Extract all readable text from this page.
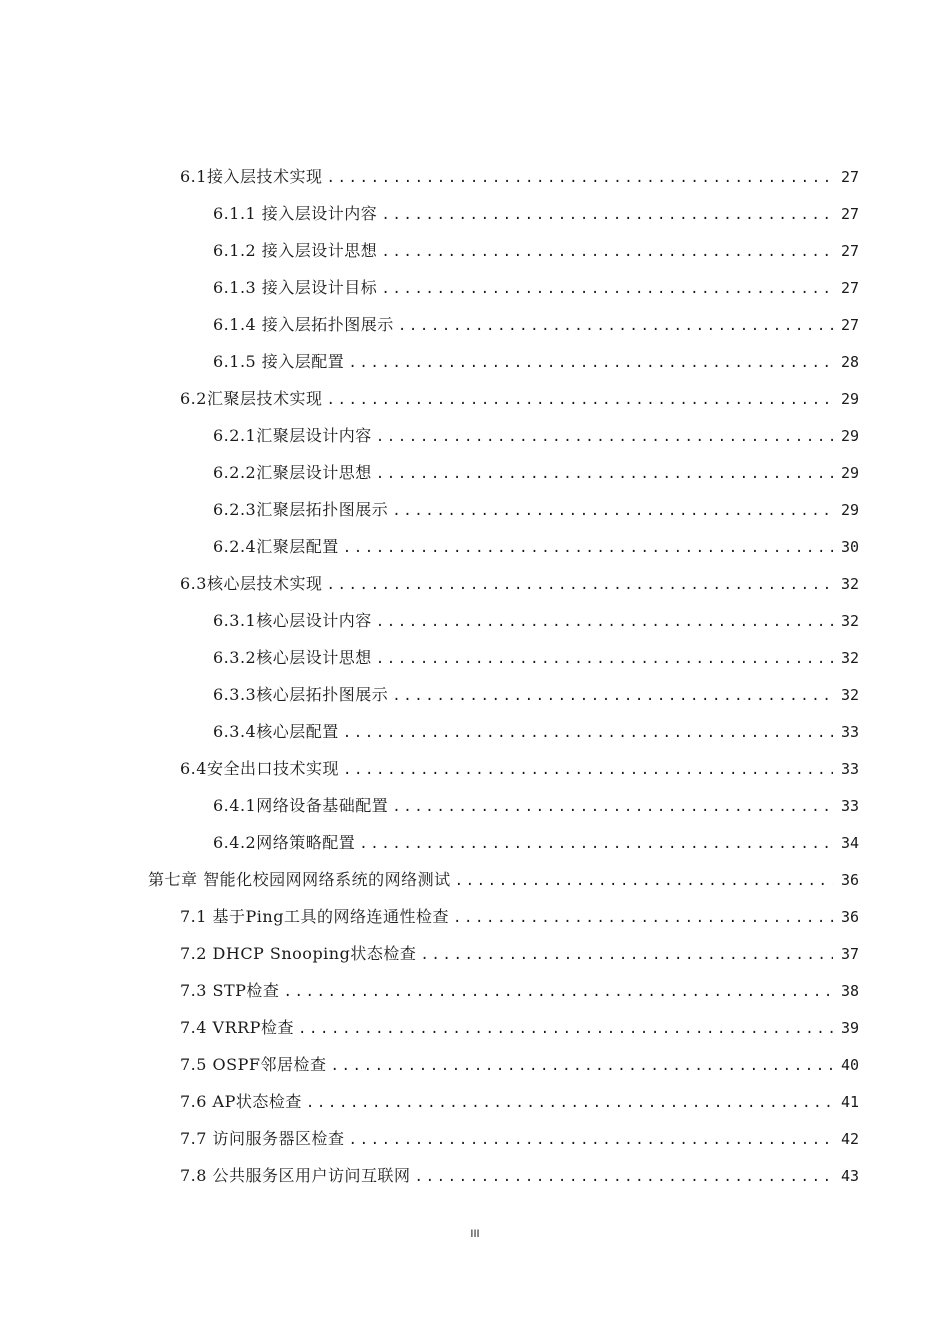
6.1接入层技术实现 .....	27
6.1.1 接入层设计内容 .....	27
6.1.2 接入层设计思想 .....	27
6.1.3 接入层设计目标 .....	27
6.1.4 接入层拓扑图展示 .....	27
6.1.5 接入层配置 .....	28
6.2汇聚层技术实现 .....	29
6.2.1汇聚层设计内容 .....	29
6.2.2汇聚层设计思想 .....	29
6.2.3汇聚层拓扑图展示 .....	29
6.2.4汇聚层配置 .....	30
6.3核心层技术实现 .....	32
6.3.1核心层设计内容 .....	32
6.3.2核心层设计思想 .....	32
6.3.3核心层拓扑图展示 .....	32
6.3.4核心层配置 .....	33
6.4安全出口技术实现 .....	33
6.4.1网络设备基础配置 .....	33
6.4.2网络策略配置 .....	34
第七章 智能化校园网网络系统的网络测试 .....	36
7.1 基于Ping工具的网络连通性检查 .....	36
7.2 DHCP Snooping状态检查 .....	37
7.3 STP检查 .....	38
7.4 VRRP检查 .....	39
7.5 OSPF邻居检查 .....	40
7.6 AP状态检查 .....	41
7.7 访问服务器区检查 .....	42
7.8 公共服务区用户访问互联网 .....	43
III
